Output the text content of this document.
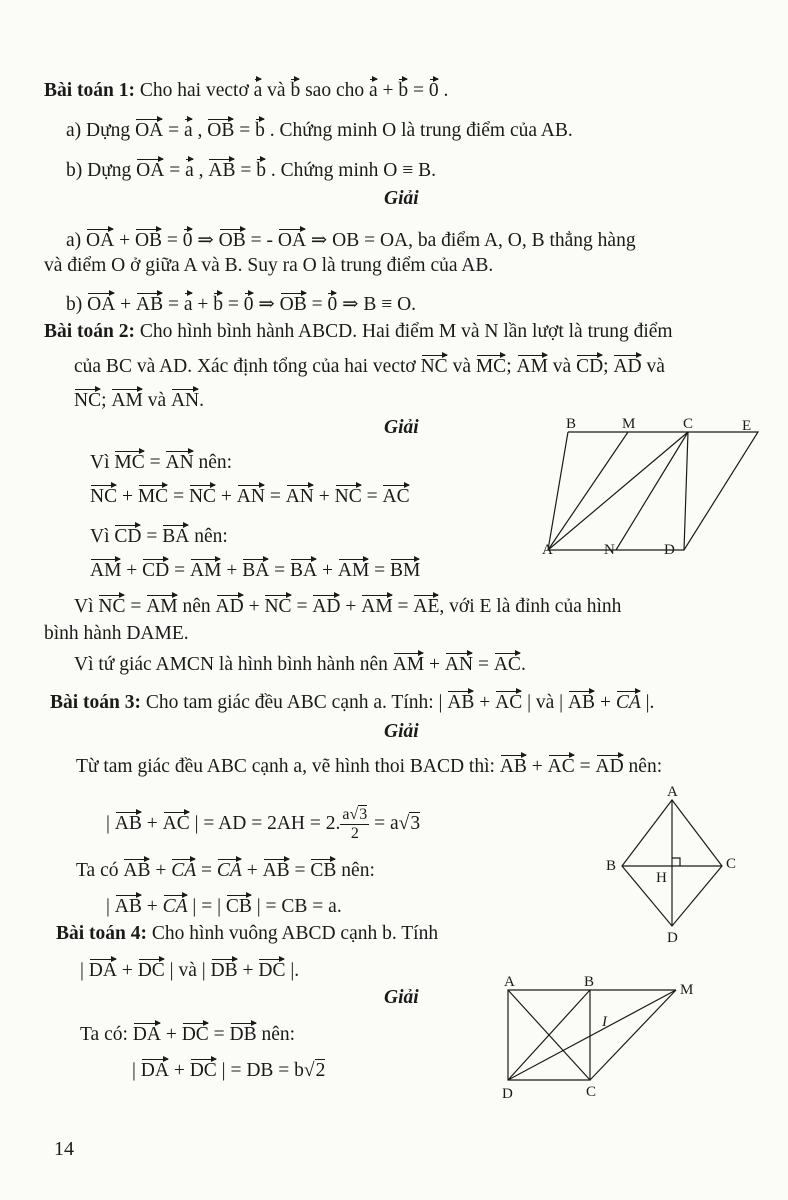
Bài toán 1: Cho hai vectơ a và b sao cho a + b = 0 .
a) Dựng OA = a , OB = b . Chứng minh O là trung điểm của AB.
b) Dựng OA = a , AB = b . Chứng minh O ≡ B.
Giải
a) OA + OB = 0 ⇒ OB = - OA ⇒ OB = OA, ba điểm A, O, B thẳng hàng
và điểm O ở giữa A và B. Suy ra O là trung điểm của AB.
b) OA + AB = a + b = 0 ⇒ OB = 0 ⇒ B ≡ O.
Bài toán 2: Cho hình bình hành ABCD. Hai điểm M và N lần lượt là trung điểm
của BC và AD. Xác định tổng của hai vectơ NC và MC; AM và CD; AD và
NC; AM và AN.
Giải
Vì MC = AN nên:
NC + MC = NC + AN = AN + NC = AC
Vì CD = BA nên:
AM + CD = AM + BA = BA + AM = BM
Vì NC = AM nên AD + NC = AD + AM = AE, với E là đỉnh của hình
bình hành DAME.
Vì tứ giác AMCN là hình bình hành nên AM + AN = AC.
B	M	C	E
A	N	D
Bài toán 3: Cho tam giác đều ABC cạnh a. Tính: | AB + AC | và | AB + CA |.
Giải
Từ tam giác đều ABC cạnh a, vẽ hình thoi BACD thì: AB + AC = AD nên:
| AB + AC | = AD = 2AH = 2. $\frac{a√3}{2} = a√3$
Ta có AB + CA = CA + AB = CB nên:
| AB + CA | = | CB | = CB = a.
A
B
H
C
D
Bài toán 4: Cho hình vuông ABCD cạnh b. Tính
| DA + DC | và | DB + DC |.
Giải
Ta có: DA + DC = DB nên:
| DA + DC | = DB = b√2
A	B	M
I
D	C
14
